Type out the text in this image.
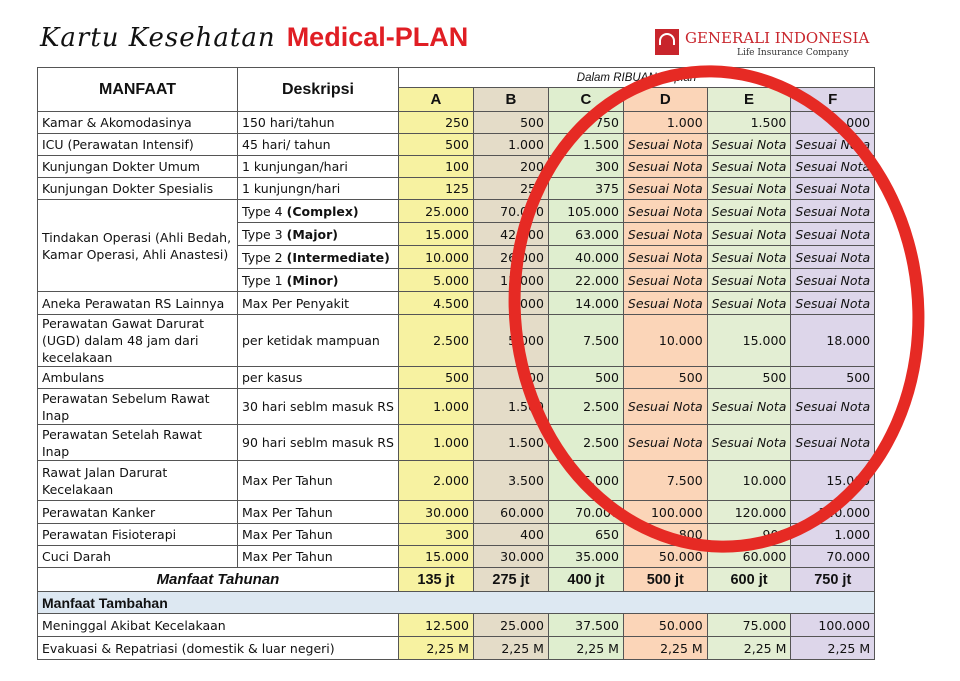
Kartu Kesehatan Medical-PLAN	GENERALI INDONESIA
Life Insurance Company
MANFAAT	Deskripsi	Dalam RIBUAN Rupiah					
		A	B	C	D	E	F
Kamar & Akomodasinya	150 hari/tahun	250	500	750	1.000	1.500	2.000
ICU (Perawatan Intensif)	45 hari/ tahun	500	1.000	1.500	Sesuai Nota	Sesuai Nota	Sesuai Nota
Kunjungan Dokter Umum	1 kunjungan/hari	100	200	300	Sesuai Nota	Sesuai Nota	Sesuai Nota
Kunjungan Dokter Spesialis	1 kunjungn/hari	125	250	375	Sesuai Nota	Sesuai Nota	Sesuai Nota
Tindakan Operasi (Ahli Bedah, Kamar Operasi, Ahli Anastesi)	Type 4 (Complex)	25.000	70.000	105.000	Sesuai Nota	Sesuai Nota	Sesuai Nota
	Type 3 (Major)	15.000	42.000	63.000	Sesuai Nota	Sesuai Nota	Sesuai Nota
	Type 2 (Intermediate)	10.000	26.000	40.000	Sesuai Nota	Sesuai Nota	Sesuai Nota
	Type 1 (Minor)	5.000	15.000	22.000	Sesuai Nota	Sesuai Nota	Sesuai Nota
Aneka Perawatan RS Lainnya	Max Per Penyakit	4.500	9.000	14.000	Sesuai Nota	Sesuai Nota	Sesuai Nota
Perawatan Gawat Darurat (UGD) dalam 48 jam dari kecelakaan	per ketidak mampuan	2.500	5.000	7.500	10.000	15.000	18.000
Ambulans	per kasus	500	500	500	500	500	500
Perawatan Sebelum Rawat Inap	30 hari seblm masuk RS	1.000	1.500	2.500	Sesuai Nota	Sesuai Nota	Sesuai Nota
Perawatan Setelah Rawat Inap	90 hari seblm masuk RS	1.000	1.500	2.500	Sesuai Nota	Sesuai Nota	Sesuai Nota
Rawat Jalan Darurat Kecelakaan	Max Per Tahun	2.000	3.500	5.000	7.500	10.000	15.000
Perawatan Kanker	Max Per Tahun	30.000	60.000	70.000	100.000	120.000	140.000
Perawatan Fisioterapi	Max Per Tahun	300	400	650	800	900	1.000
Cuci Darah	Max Per Tahun	15.000	30.000	35.000	50.000	60.000	70.000
Manfaat Tahunan		135 jt	275 jt	400 jt	500 jt	600 jt	750 jt
Manfaat Tambahan							
Meninggal Akibat Kecelakaan		12.500	25.000	37.500	50.000	75.000	100.000
Evakuasi & Repatriasi (domestik & luar negeri)		2,25 M	2,25 M	2,25 M	2,25 M	2,25 M	2,25 M
